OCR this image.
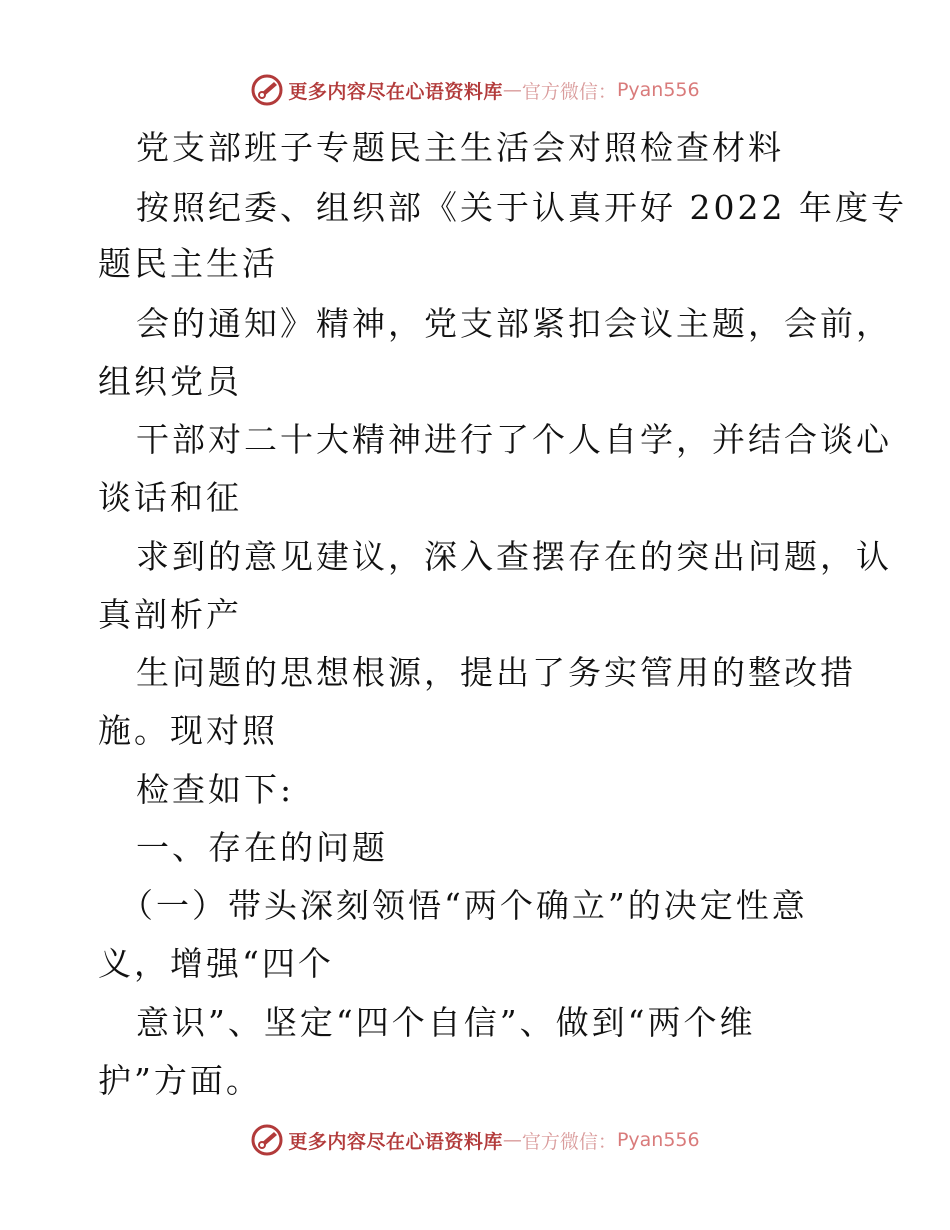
更多内容尽在心语资料库 — 官方微信： Pyan556
党支部班子专题民主生活会对照检查材料
按照纪委、组织部《关于认真开好 2022 年度专
题民主生活
会的通知》精神，党支部紧扣会议主题，会前，
组织党员
干部对二十大精神进行了个人自学，并结合谈心
谈话和征
求到的意见建议，深入查摆存在的突出问题，认
真剖析产
生问题的思想根源，提出了务实管用的整改措
施。现对照
检查如下:
一、存在的问题
（一）带头深刻领悟“两个确立”的决定性意
义，增强“四个
意识”、坚定“四个自信”、做到“两个维
护”方面。
更多内容尽在心语资料库 — 官方微信： Pyan556
